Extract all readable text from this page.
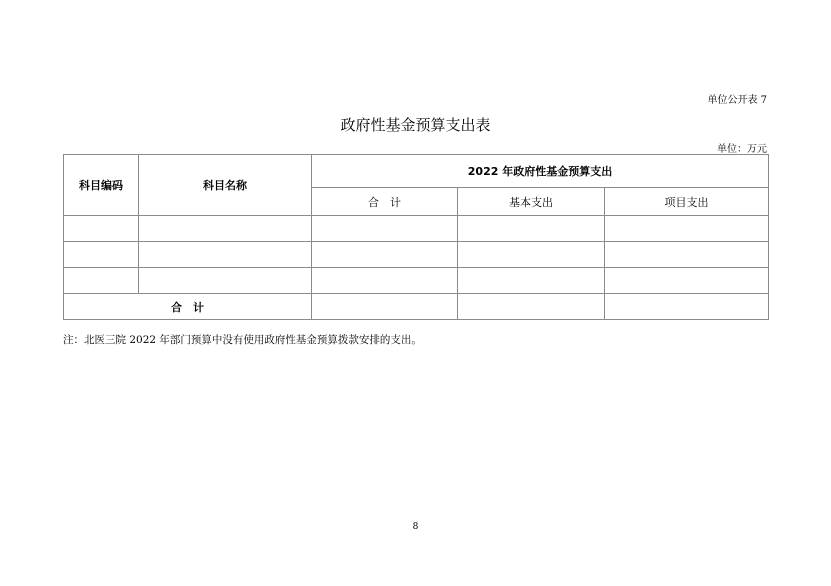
单位公开表 7
政府性基金预算支出表
单位：万元
科目编码	科目名称	2022 年政府性基金预算支出		
		合　计	基本支出	项目支出

合　计				
注：北医三院 2022 年部门预算中没有使用政府性基金预算拨款安排的支出。
8
